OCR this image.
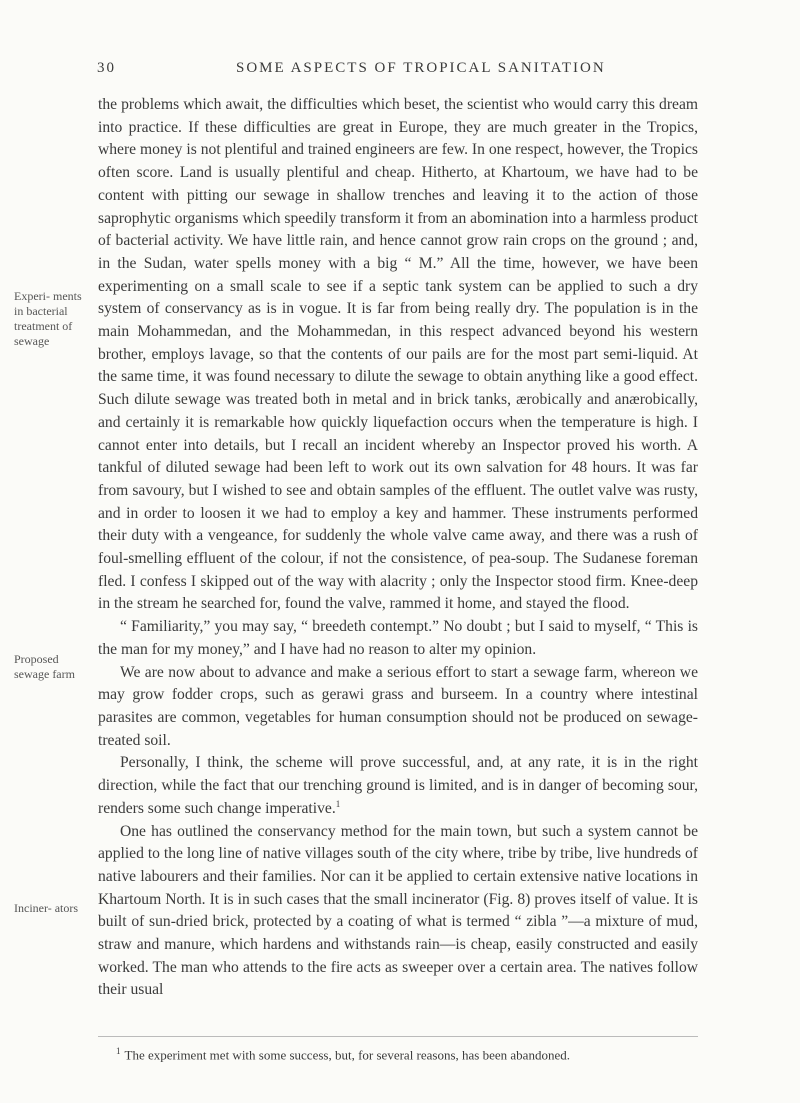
30	SOME ASPECTS OF TROPICAL SANITATION
Experi- ments in bacterial treatment of sewage
Proposed sewage farm
Inciner- ators

the problems which await, the difficulties which beset, the scientist who would carry this dream into practice. If these difficulties are great in Europe, they are much greater in the Tropics, where money is not plentiful and trained engineers are few. In one respect, however, the Tropics often score. Land is usually plentiful and cheap. Hitherto, at Khartoum, we have had to be content with pitting our sewage in shallow trenches and leaving it to the action of those saprophytic organisms which speedily transform it from an abomination into a harmless product of bacterial activity. We have little rain, and hence cannot grow rain crops on the ground ; and, in the Sudan, water spells money with a big “ M.” All the time, however, we have been experimenting on a small scale to see if a septic tank system can be applied to such a dry system of conservancy as is in vogue. It is far from being really dry. The population is in the main Mohammedan, and the Mohammedan, in this respect advanced beyond his western brother, employs lavage, so that the contents of our pails are for the most part semi-liquid. At the same time, it was found necessary to dilute the sewage to obtain anything like a good effect. Such dilute sewage was treated both in metal and in brick tanks, ærobically and anærobically, and certainly it is remarkable how quickly liquefaction occurs when the temperature is high. I cannot enter into details, but I recall an incident whereby an Inspector proved his worth. A tankful of diluted sewage had been left to work out its own salvation for 48 hours. It was far from savoury, but I wished to see and obtain samples of the effluent. The outlet valve was rusty, and in order to loosen it we had to employ a key and hammer. These instruments performed their duty with a vengeance, for suddenly the whole valve came away, and there was a rush of foul-smelling effluent of the colour, if not the consistence, of pea-soup. The Sudanese foreman fled. I confess I skipped out of the way with alacrity ; only the Inspector stood firm. Knee-deep in the stream he searched for, found the valve, rammed it home, and stayed the flood.

“ Familiarity,” you may say, “ breedeth contempt.” No doubt ; but I said to myself, “ This is the man for my money,” and I have had no reason to alter my opinion.

We are now about to advance and make a serious effort to start a sewage farm, whereon we may grow fodder crops, such as gerawi grass and burseem. In a country where intestinal parasites are common, vegetables for human consumption should not be produced on sewage-treated soil.

Personally, I think, the scheme will prove successful, and, at any rate, it is in the right direction, while the fact that our trenching ground is limited, and is in danger of becoming sour, renders some such change imperative.$^1$

One has outlined the conservancy method for the main town, but such a system cannot be applied to the long line of native villages south of the city where, tribe by tribe, live hundreds of native labourers and their families. Nor can it be applied to certain extensive native locations in Khartoum North. It is in such cases that the small incinerator (Fig. 8) proves itself of value. It is built of sun-dried brick, protected by a coating of what is termed “ zibla ”—a mixture of mud, straw and manure, which hardens and withstands rain—is cheap, easily constructed and easily worked. The man who attends to the fire acts as sweeper over a certain area. The natives follow their usual

$^1$ The experiment met with some success, but, for several reasons, has been abandoned.
